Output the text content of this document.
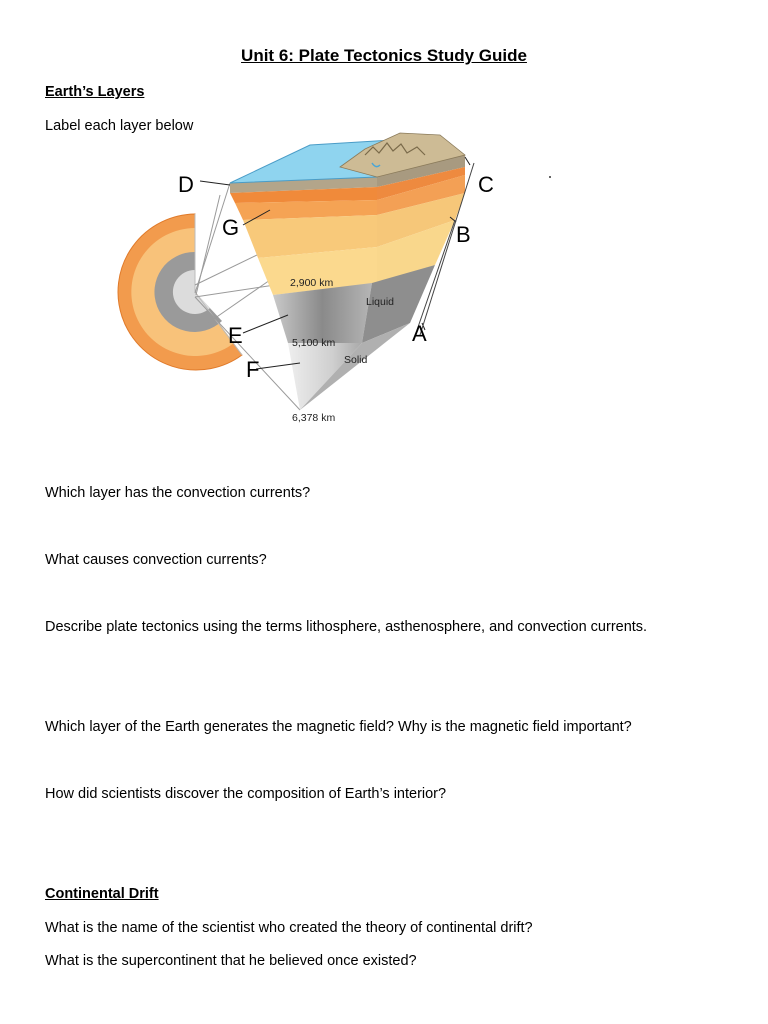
Unit 6: Plate Tectonics Study Guide
Earth’s Layers
Label each layer below
D
G
E
F
C
B
A
2,900 km
5,100 km
6,378 km
Liquid
Solid
Which layer has the convection currents?
What causes convection currents?
Describe plate tectonics using the terms lithosphere, asthenosphere, and convection currents.
Which layer of the Earth generates the magnetic field? Why is the magnetic field important?
How did scientists discover the composition of Earth’s interior?
Continental Drift
What is the name of the scientist who created the theory of continental drift?
What is the supercontinent that he believed once existed?
